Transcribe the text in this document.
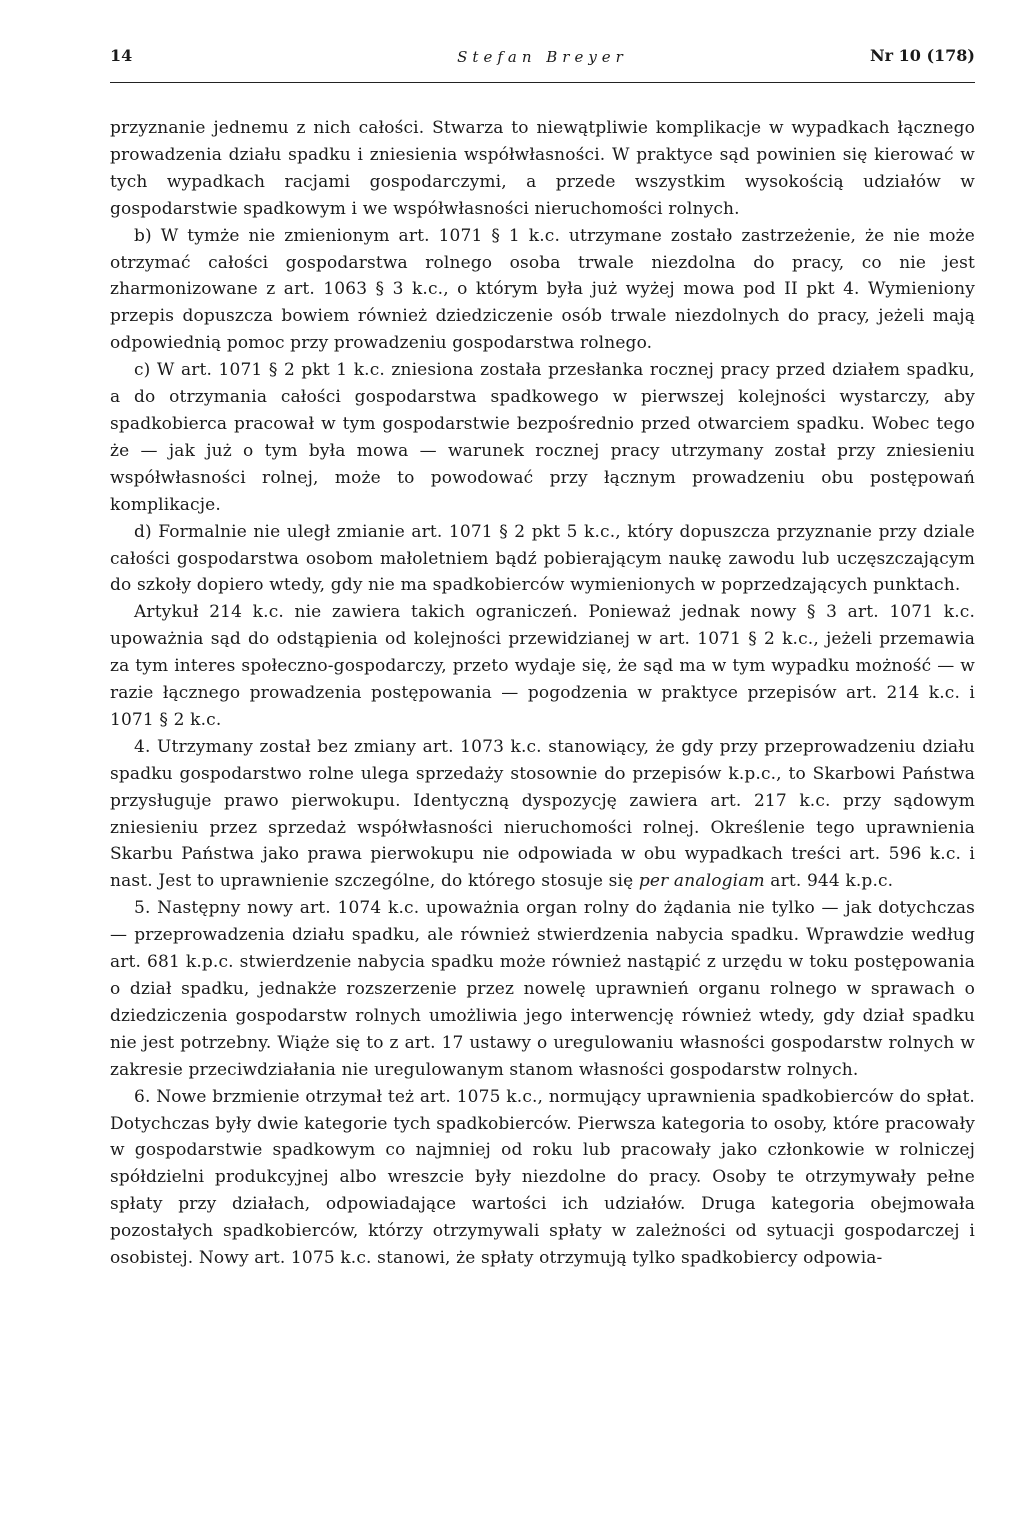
14	Stefan Breyer	Nr 10 (178)

przyznanie jednemu z nich całości. Stwarza to niewątpliwie komplikacje w wypadkach łącznego prowadzenia działu spadku i zniesienia współwłasności. W praktyce sąd powinien się kierować w tych wypadkach racjami gospodarczymi, a przede wszystkim wysokością udziałów w gospodarstwie spadkowym i we współwłasności nieruchomości rolnych.

b) W tymże nie zmienionym art. 1071 § 1 k.c. utrzymane zostało zastrzeżenie, że nie może otrzymać całości gospodarstwa rolnego osoba trwale niezdolna do pracy, co nie jest zharmonizowane z art. 1063 § 3 k.c., o którym była już wyżej mowa pod II pkt 4. Wymieniony przepis dopuszcza bowiem również dziedziczenie osób trwale niezdolnych do pracy, jeżeli mają odpowiednią pomoc przy prowadzeniu gospodarstwa rolnego.

c) W art. 1071 § 2 pkt 1 k.c. zniesiona została przesłanka rocznej pracy przed działem spadku, a do otrzymania całości gospodarstwa spadkowego w pierwszej kolejności wystarczy, aby spadkobierca pracował w tym gospodarstwie bezpośrednio przed otwarciem spadku. Wobec tego że — jak już o tym była mowa — warunek rocznej pracy utrzymany został przy zniesieniu współwłasności rolnej, może to powodować przy łącznym prowadzeniu obu postępowań komplikacje.

d) Formalnie nie uległ zmianie art. 1071 § 2 pkt 5 k.c., który dopuszcza przyznanie przy dziale całości gospodarstwa osobom małoletniem bądź pobierającym naukę zawodu lub uczęszczającym do szkoły dopiero wtedy, gdy nie ma spadkobierców wymienionych w poprzedzających punktach.

Artykuł 214 k.c. nie zawiera takich ograniczeń. Ponieważ jednak nowy § 3 art. 1071 k.c. upoważnia sąd do odstąpienia od kolejności przewidzianej w art. 1071 § 2 k.c., jeżeli przemawia za tym interes społeczno-gospodarczy, przeto wydaje się, że sąd ma w tym wypadku możność — w razie łącznego prowadzenia postępowania — pogodzenia w praktyce przepisów art. 214 k.c. i 1071 § 2 k.c.

4. Utrzymany został bez zmiany art. 1073 k.c. stanowiący, że gdy przy przeprowadzeniu działu spadku gospodarstwo rolne ulega sprzedaży stosownie do przepisów k.p.c., to Skarbowi Państwa przysługuje prawo pierwokupu. Identyczną dyspozycję zawiera art. 217 k.c. przy sądowym zniesieniu przez sprzedaż współwłasności nieruchomości rolnej. Określenie tego uprawnienia Skarbu Państwa jako prawa pierwokupu nie odpowiada w obu wypadkach treści art. 596 k.c. i nast. Jest to uprawnienie szczególne, do którego stosuje się per analogiam art. 944 k.p.c.

5. Następny nowy art. 1074 k.c. upoważnia organ rolny do żądania nie tylko — jak dotychczas — przeprowadzenia działu spadku, ale również stwierdzenia nabycia spadku. Wprawdzie według art. 681 k.p.c. stwierdzenie nabycia spadku może również nastąpić z urzędu w toku postępowania o dział spadku, jednakże rozszerzenie przez nowelę uprawnień organu rolnego w sprawach o dziedziczenia gospodarstw rolnych umożliwia jego interwencję również wtedy, gdy dział spadku nie jest potrzebny. Wiąże się to z art. 17 ustawy o uregulowaniu własności gospodarstw rolnych w zakresie przeciwdziałania nie uregulowanym stanom własności gospodarstw rolnych.

6. Nowe brzmienie otrzymał też art. 1075 k.c., normujący uprawnienia spadkobierców do spłat. Dotychczas były dwie kategorie tych spadkobierców. Pierwsza kategoria to osoby, które pracowały w gospodarstwie spadkowym co najmniej od roku lub pracowały jako członkowie w rolniczej spółdzielni produkcyjnej albo wreszcie były niezdolne do pracy. Osoby te otrzymywały pełne spłaty przy działach, odpowiadające wartości ich udziałów. Druga kategoria obejmowała pozostałych spadkobierców, którzy otrzymywali spłaty w zależności od sytuacji gospodarczej i osobistej. Nowy art. 1075 k.c. stanowi, że spłaty otrzymują tylko spadkobiercy odpowia-
